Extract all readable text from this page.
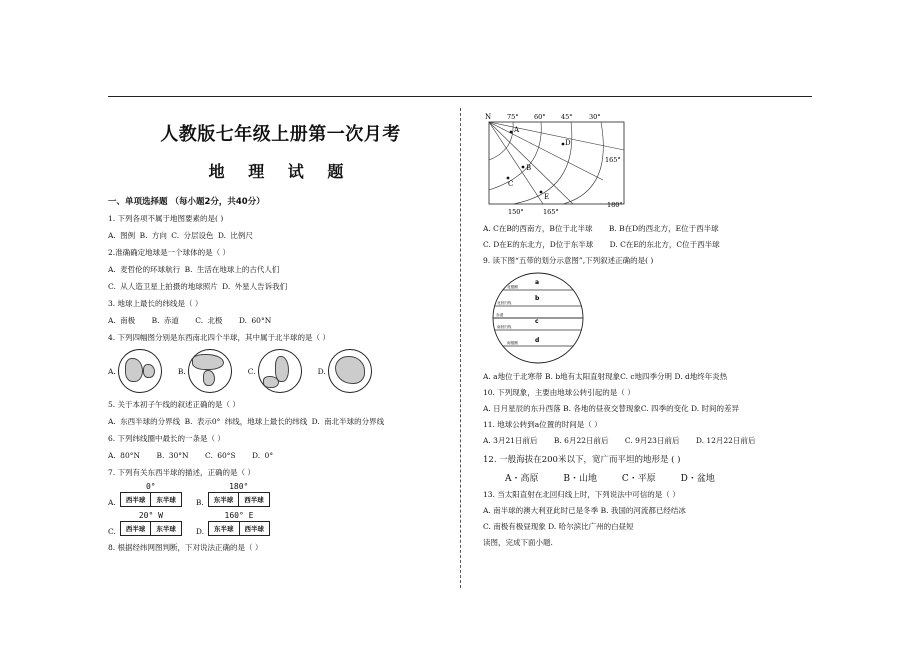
人教版七年级上册第一次月考
地 理 试 题
一、单项选择题 （每小题2分，共40分）
1. 下列各项不属于地图要素的是( )
A. 图例 B. 方向 C. 分层设色 D. 比例尺
2.准确确定地球是一个球体的是（ ）
A. 麦哲伦的环球航行 B. 生活在地球上的古代人们
C. 从人造卫星上拍摄的地球照片 D. 外星人告诉我们
3. 地球上最长的纬线是（ ）
A. 南极 B. 赤道 C. 北极 D. 60°N
4. 下列四幅图分别是东西南北四个半球，其中属于北半球的是（ ）
A.	B.	C.	D.
5. 关于本初子午线的叙述正确的是（ ）
A. 东西半球的分界线 B. 表示0° 纬线，地球上最长的纬线 D. 南北半球的分界线
6. 下列纬线圈中最长的一条是（ ）
A. 80°N B. 30°N C. 60°S D. 0°
7. 下列有关东西半球的描述，正确的是（ ）
A.
0°
西半球	东半球	B.
180°
东半球	西半球
C.
20° W
西半球	东半球	D.
160° E
东半球	西半球
8. 根据经纬网图判断，下对说法正确的是（ ）
N 75° 60° 45°	30°
165°
180°
150°	165°
A
B
C
D
E
A. C在B的西南方，B位于北半球 B. B在D的西北方，E位于西半球
C. D在E的东北方，D位于东半球 D. C在E的东北方，C位于西半球
9. 读下图“五带的划分示意图”,下列叙述正确的是( )
北极圈
北回归线
赤道
南回归线
南极圈
a
b
c
d
A. a地位于北寒带 B. b地有太阳直射现象C. c地四季分明 D. d地终年炎热
10. 下列现象，主要由地球公转引起的是（ ）
A. 日月星辰的东升西落 B. 各地的昼夜交替现象C. 四季的变化 D. 时间的差异
11. 地球公转到a位置的时间是（ ）
A. 3月21日前后 B. 6月22日前后 C. 9月23日前后 D. 12月22日前后
12. 一般海拔在200米以下，宽广而平坦的地形是 ( )
A・高原	B・山地	C・平原	D・盆地
13. 当太阳直射在北回归线上时，下列说法中可信的是（ ）
A. 南半球的澳大利亚此时已是冬季 B. 我国的河流都已经结冰
C. 南极有极昼现象 D. 哈尔滨比广州的白昼短
读图，完成下面小题.
